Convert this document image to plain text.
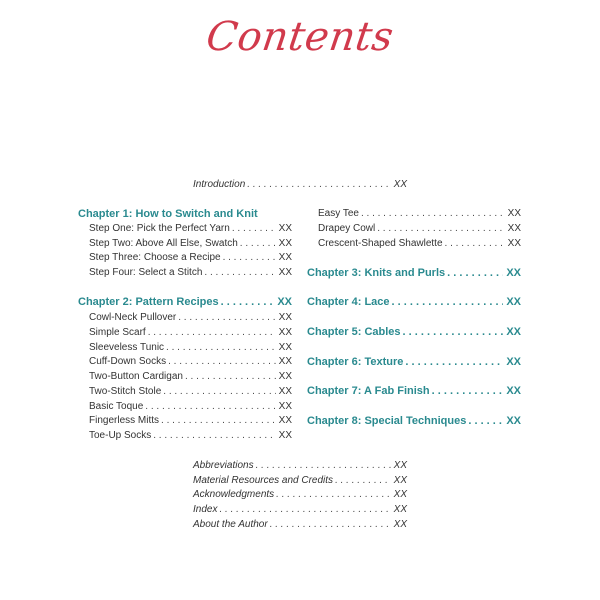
Contents
Chapter 1: How to Switch and Knit
Introduction . . .	XX
Step One: Pick the Perfect Yarn . . .	XX
Step Two: Above All Else, Swatch . . .	XX
Step Three: Choose a Recipe . . .	XX
Step Four: Select a Stitch . . .	XX
Chapter 2: Pattern Recipes . . .	XX
Cowl-Neck Pullover . . .	XX
Simple Scarf . . .	XX
Sleeveless Tunic . . .	XX
Cuff-Down Socks . . .	XX
Two-Button Cardigan . . .	XX
Two-Stitch Stole . . .	XX
Basic Toque . . .	XX
Fingerless Mitts . . .	XX
Toe-Up Socks . . .	XX
Easy Tee . . .	XX
Drapey Cowl . . .	XX
Crescent-Shaped Shawlette . . .	XX
Chapter 3: Knits and Purls . . .	XX
Chapter 4: Lace . . .	XX
Chapter 5: Cables . . .	XX
Chapter 6: Texture . . .	XX
Chapter 7: A Fab Finish . . .	XX
Chapter 8: Special Techniques . . .	XX
Abbreviations . . .	XX
Material Resources and Credits . . .	XX
Acknowledgments . . .	XX
Index . . .	XX
About the Author . . .	XX
